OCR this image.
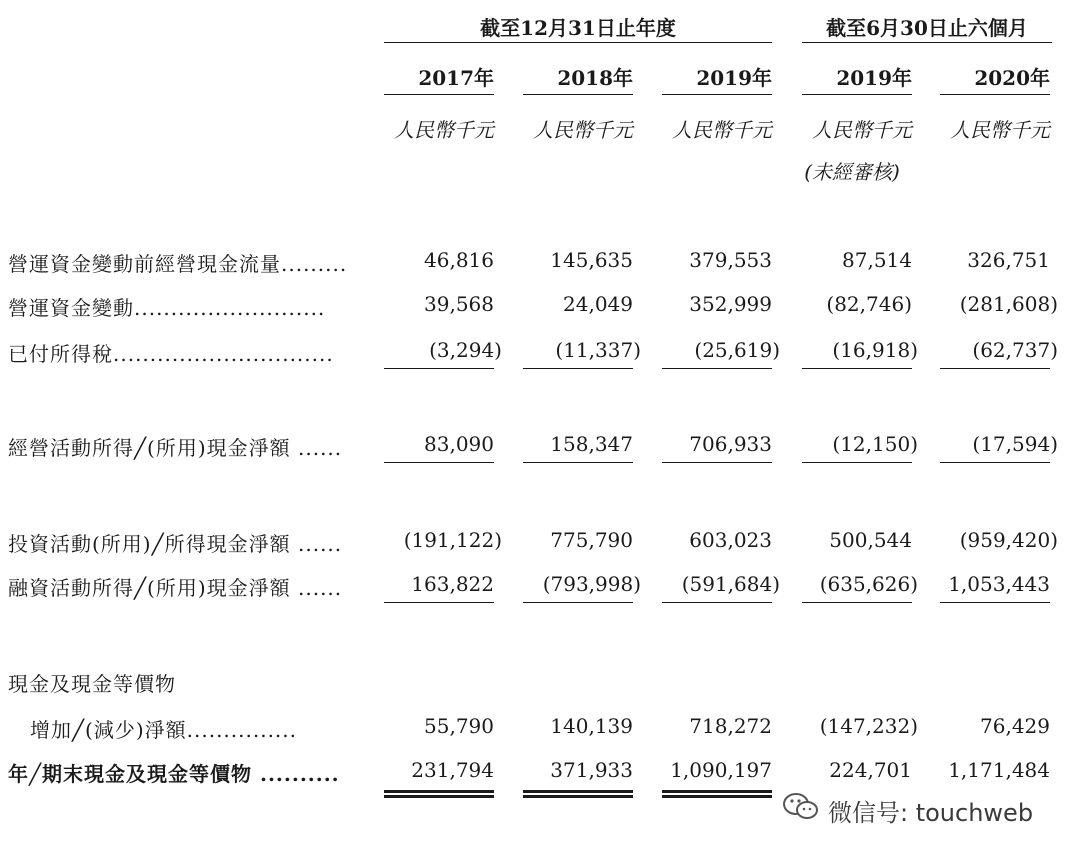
截至12月31日止年度	截至6月30日止六個月
2017年	2018年	2019年	2019年	2020年
人民幣千元	人民幣千元	人民幣千元	人民幣千元	人民幣千元
(未經審核)
營運資金變動前經營現金流量.........	46,816	145,635	379,553	87,514	326,751
營運資金變動..........................	39,568	24,049	352,999	(82,746)	(281,608)
已付所得稅..............................	(3,294)	(11,337)	(25,619)	(16,918)	(62,737)
經營活動所得╱(所用)現金淨額 ......	83,090	158,347	706,933	(12,150)	(17,594)
投資活動(所用)╱所得現金淨額 ......	(191,122)	775,790	603,023	500,544	(959,420)
融資活動所得╱(所用)現金淨額 ......	163,822	(793,998)	(591,684)	(635,626)	1,053,443
現金及現金等價物
增加╱(減少)淨額...............	55,790	140,139	718,272	(147,232)	76,429
年╱期末現金及現金等價物 ..........	231,794	371,933	1,090,197	224,701	1,171,484
微信号: touchweb
